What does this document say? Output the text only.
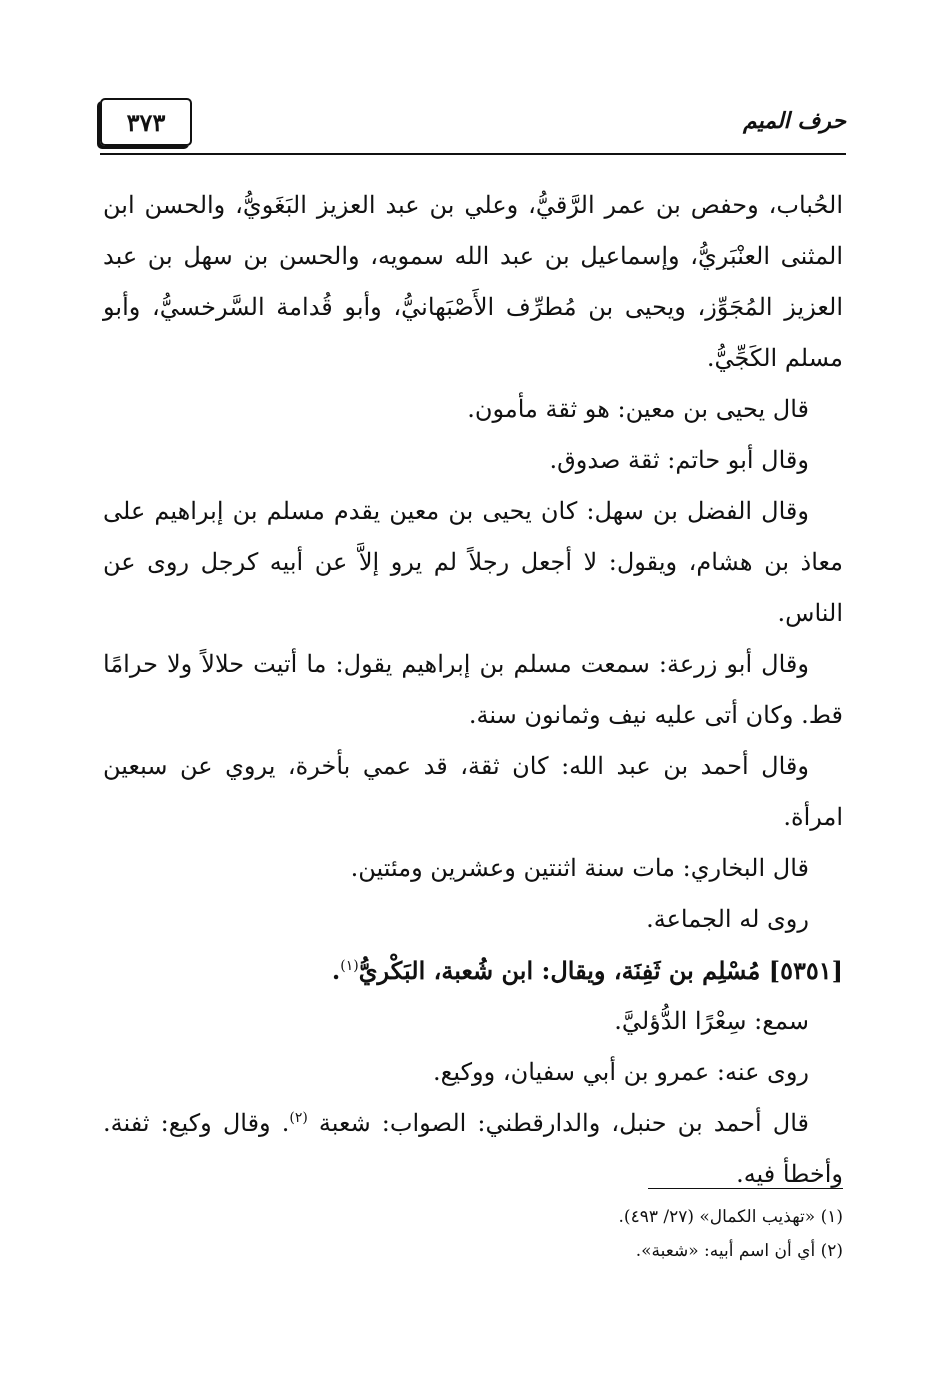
٣٧٣	حرف الميم

الحُباب، وحفص بن عمر الرَّقيُّ، وعلي بن عبد العزيز البَغَويُّ، والحسن ابن المثنى العنْبَريُّ، وإسماعيل بن عبد الله سمويه، والحسن بن سهل بن عبد العزيز المُجَوِّز، ويحيى بن مُطرِّف الأَصْبَهانيُّ، وأبو قُدامة السَّرخسيُّ، وأبو مسلم الكَجِّيُّ.

قال يحيى بن معين: هو ثقة مأمون.

وقال أبو حاتم: ثقة صدوق.

وقال الفضل بن سهل: كان يحيى بن معين يقدم مسلم بن إبراهيم على معاذ بن هشام، ويقول: لا أجعل رجلاً لم يرو إلاَّ عن أبيه كرجل روى عن الناس.

وقال أبو زرعة: سمعت مسلم بن إبراهيم يقول: ما أتيت حلالاً ولا حرامًا قط. وكان أتى عليه نيف وثمانون سنة.

وقال أحمد بن عبد الله: كان ثقة، قد عمي بأخرة، يروي عن سبعين امرأة.

قال البخاري: مات سنة اثنتين وعشرين ومئتين.

روى له الجماعة.

[٥٣٥١] مُسْلِم بن ثَفِنَة، ويقال: ابن شُعبة، البَكْريُّ$^{(١)}$.

سمع: سِعْرًا الدُّؤليَّ.

روى عنه: عمرو بن أبي سفيان، ووكيع.

قال أحمد بن حنبل، والدارقطني: الصواب: شعبة $^{(٢)}$. وقال وكيع: ثفنة. وأخطأ فيه.

(١) «تهذيب الكمال» (٢٧/ ٤٩٣).

(٢) أي أن اسم أبيه: «شعبة».
